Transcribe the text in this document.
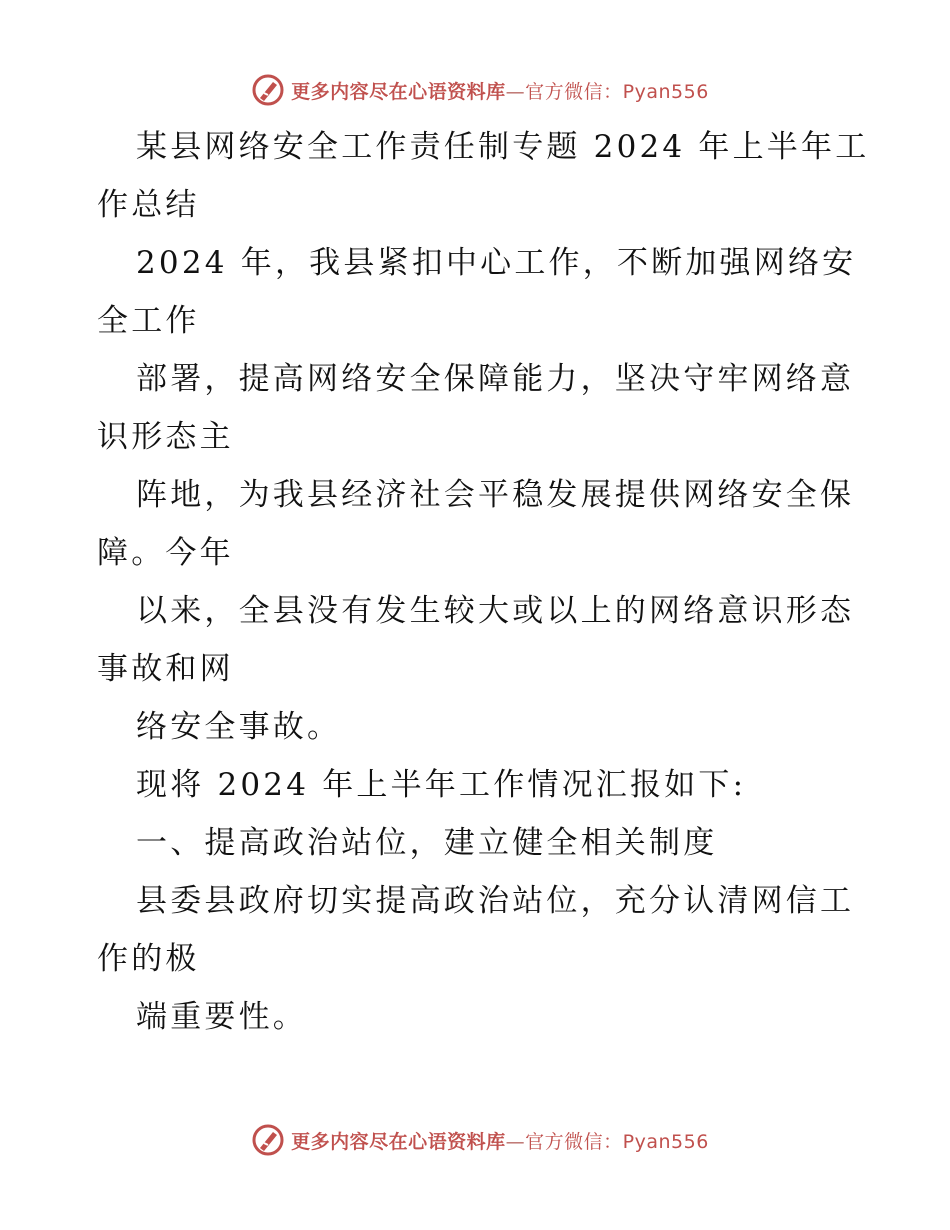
更多内容尽在心语资料库—官方微信：Pyan556
某县网络安全工作责任制专题 2024 年上半年工
作总结
2024 年，我县紧扣中心工作，不断加强网络安
全工作
部署，提高网络安全保障能力，坚决守牢网络意
识形态主
阵地，为我县经济社会平稳发展提供网络安全保
障。今年
以来，全县没有发生较大或以上的网络意识形态
事故和网
络安全事故。
现将 2024 年上半年工作情况汇报如下:
一、提高政治站位，建立健全相关制度
县委县政府切实提高政治站位，充分认清网信工
作的极
端重要性。
更多内容尽在心语资料库—官方微信：Pyan556
